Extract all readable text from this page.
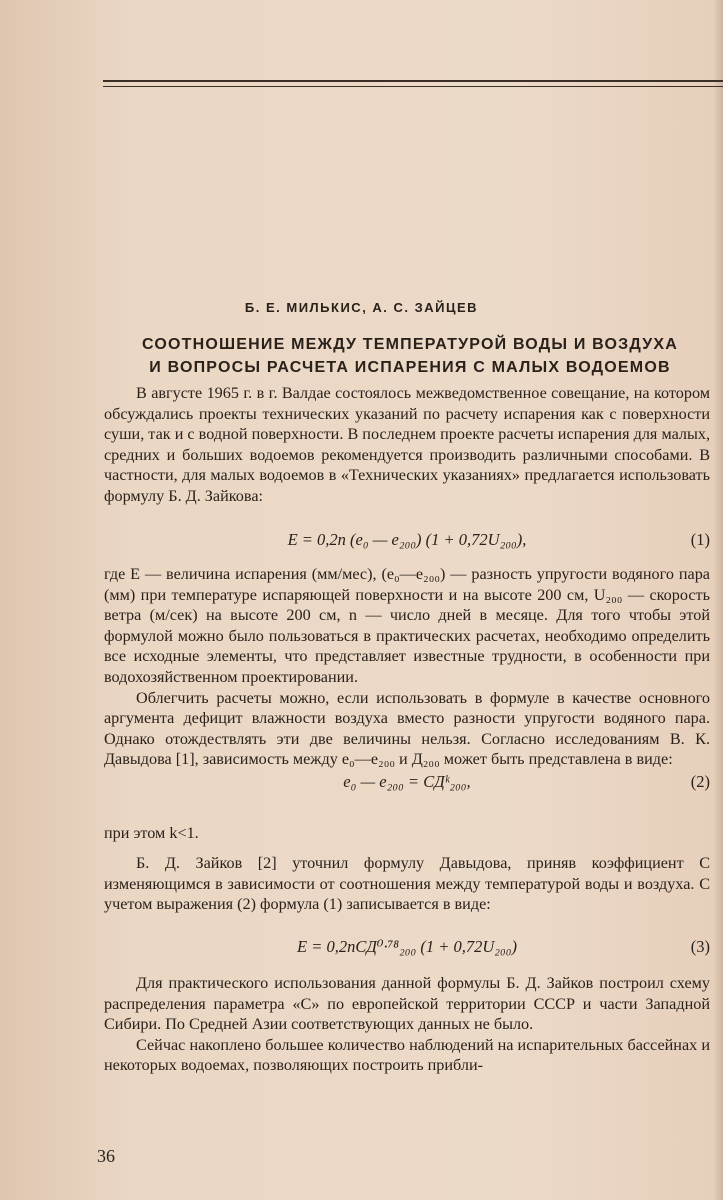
Б. Е. МИЛЬКИС, А. С. ЗАЙЦЕВ
СООТНОШЕНИЕ МЕЖДУ ТЕМПЕРАТУРОЙ ВОДЫ И ВОЗДУХА
И ВОПРОСЫ РАСЧЕТА ИСПАРЕНИЯ С МАЛЫХ ВОДОЕМОВ

В августе 1965 г. в г. Валдае состоялось межведомственное совещание, на котором обсуждались проекты технических указаний по расчету испарения как с поверхности суши, так и с водной поверхности. В последнем проекте расчеты испарения для малых, средних и больших водоемов рекомендуется производить различными способами. В частности, для малых водоемов в «Технических указаниях» предлагается использовать формулу Б. Д. Зайкова:

E = 0,2n (e₀ — e₂₀₀) (1 + 0,72U₂₀₀),	(1)

где E — величина испарения (мм/мес), (e₀—e₂₀₀) — разность упругости водяного пара (мм) при температуре испаряющей поверхности и на высоте 200 см, U₂₀₀ — скорость ветра (м/сек) на высоте 200 см, n — число дней в месяце. Для того чтобы этой формулой можно было пользоваться в практических расчетах, необходимо определить все исходные элементы, что представляет известные трудности, в особенности при водохозяйственном проектировании.

Облегчить расчеты можно, если использовать в формуле в качестве основного аргумента дефицит влажности воздуха вместо разности упругости водяного пара. Однако отождествлять эти две величины нельзя. Согласно исследованиям В. К. Давыдова [1], зависимость между e₀—e₂₀₀ и Д₂₀₀ может быть представлена в виде:

e₀ — e₂₀₀ = CДᵏ₂₀₀,	(2)

при этом k<1.

Б. Д. Зайков [2] уточнил формулу Давыдова, приняв коэффициент C изменяющимся в зависимости от соотношения между температурой воды и воздуха. С учетом выражения (2) формула (1) записывается в виде:

E = 0,2nCД⁰·⁷⁸₂₀₀ (1 + 0,72U₂₀₀)	(3)

Для практического использования данной формулы Б. Д. Зайков построил схему распределения параметра «С» по европейской территории СССР и части Западной Сибири. По Средней Азии соответствующих данных не было.

Сейчас накоплено большее количество наблюдений на испарительных бассейнах и некоторых водоемах, позволяющих построить прибли-

36
